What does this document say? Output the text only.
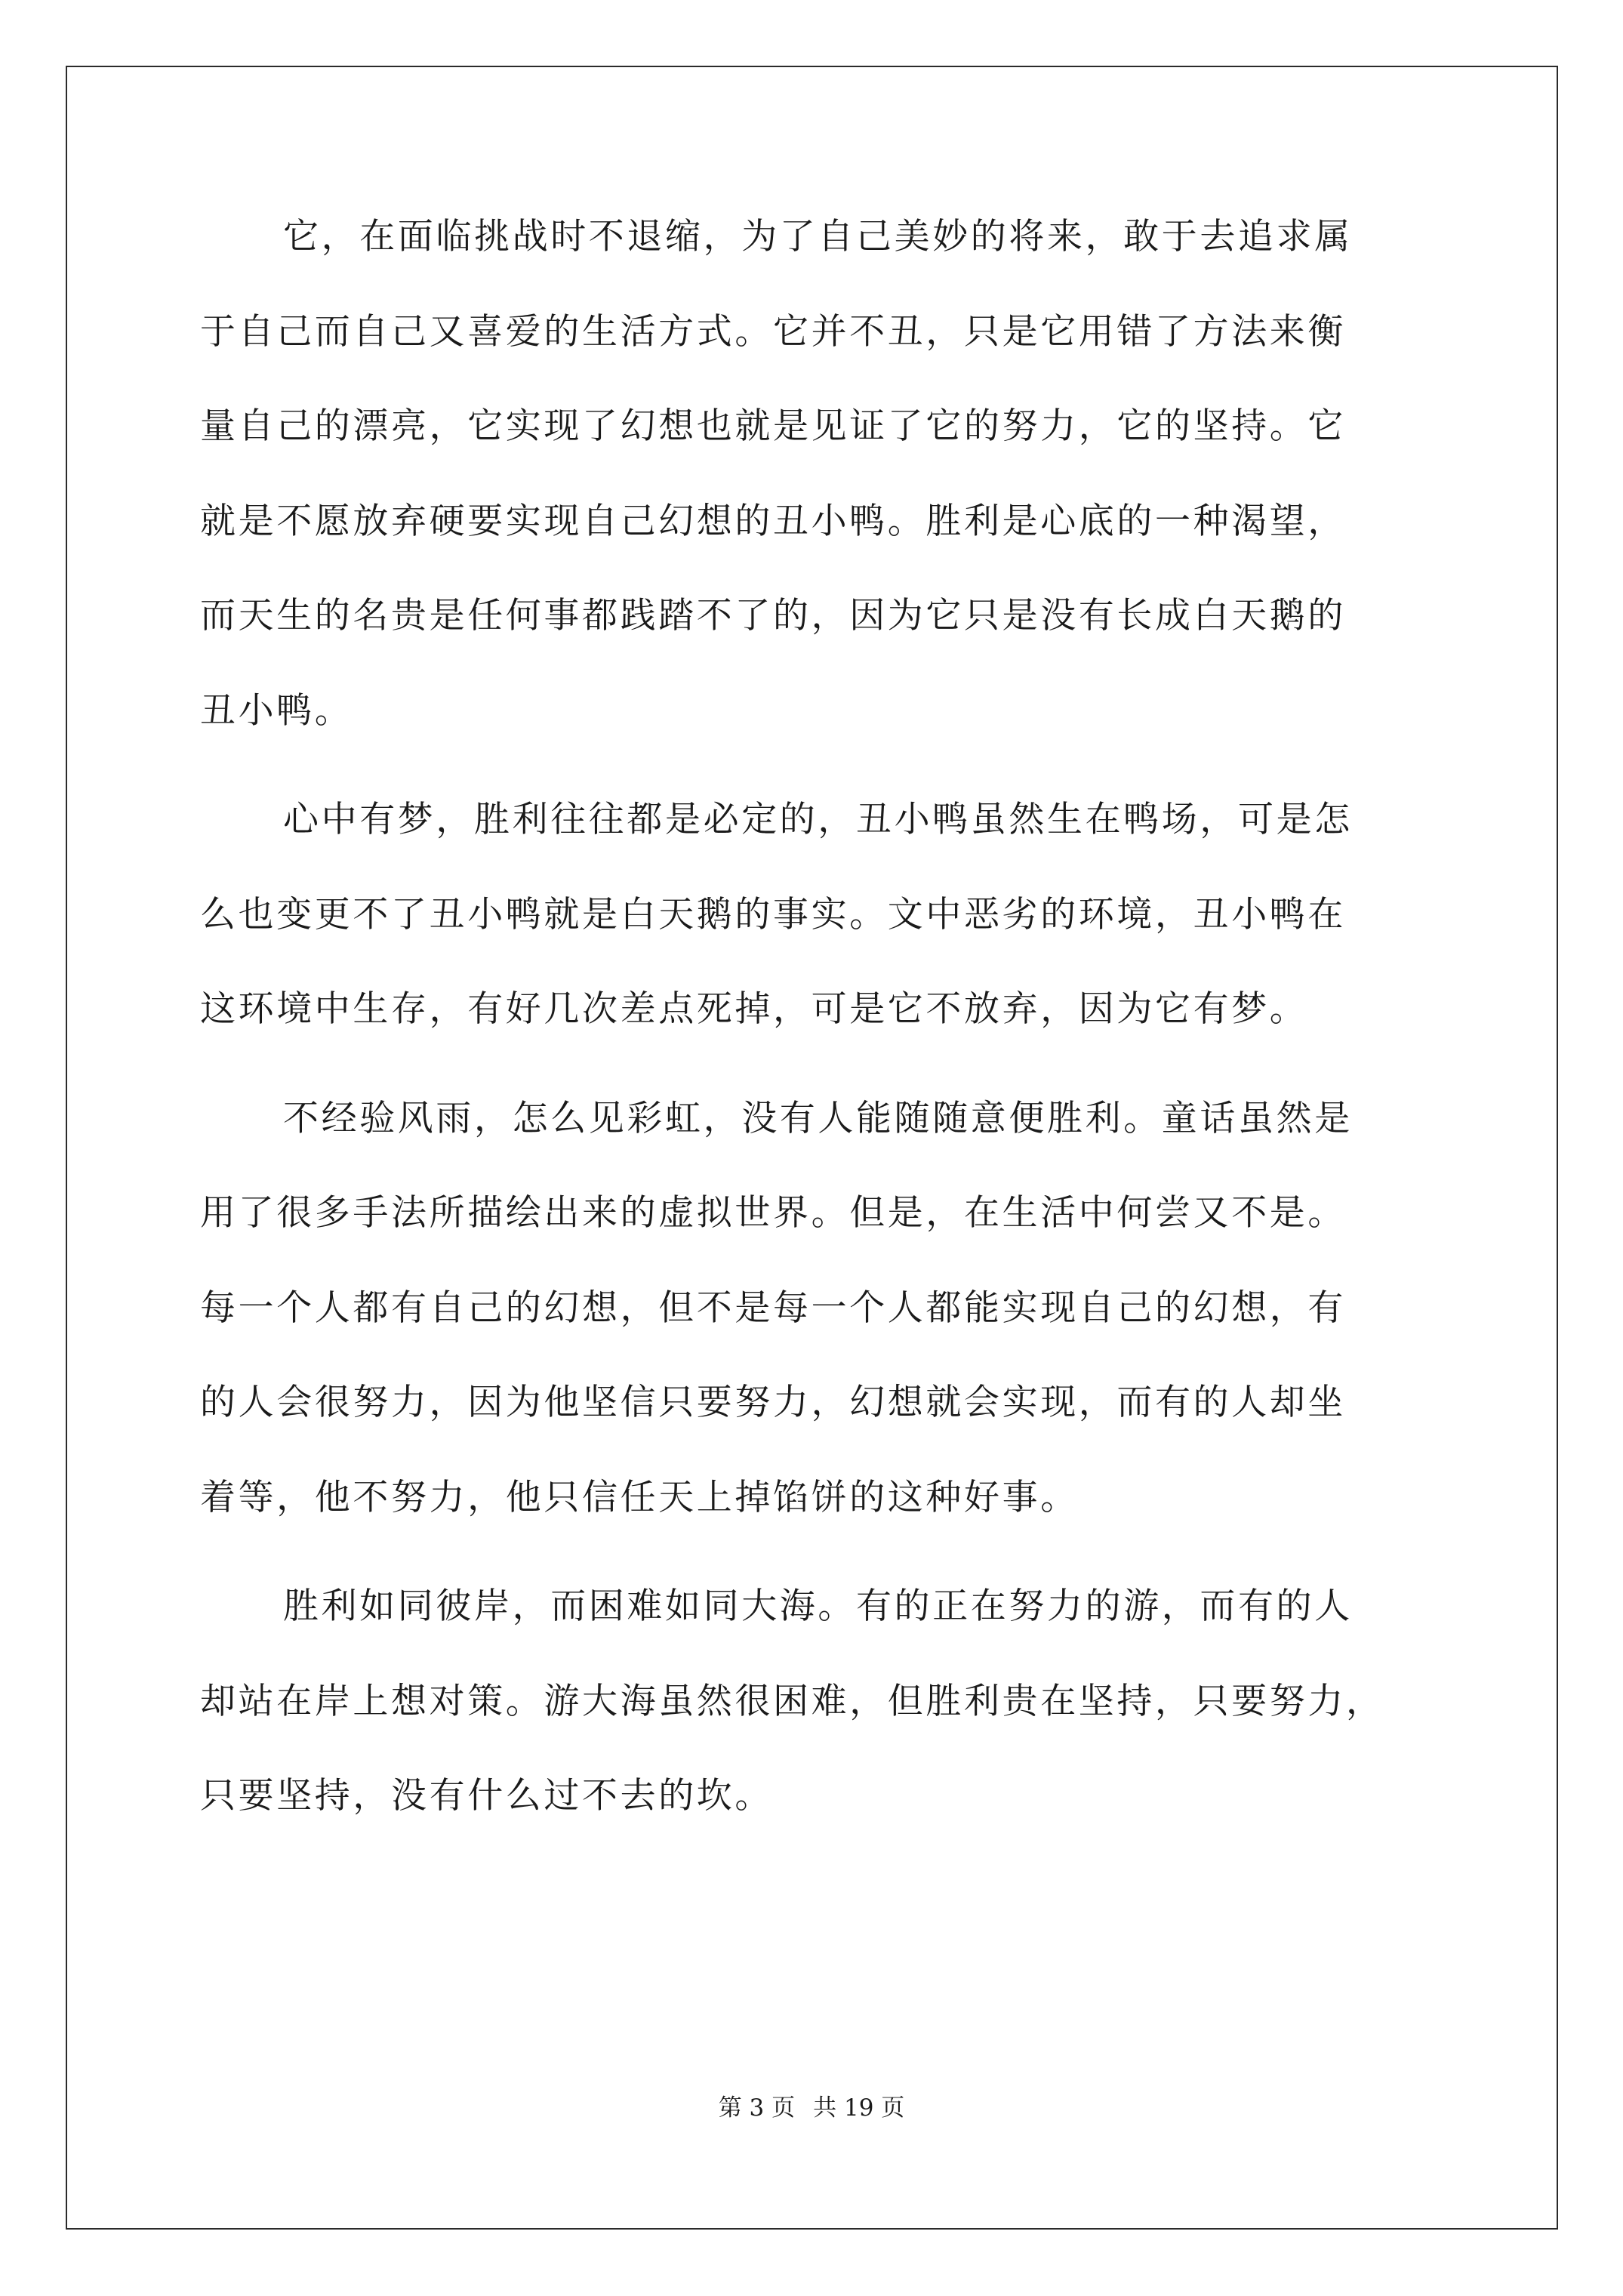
它，在面临挑战时不退缩，为了自己美妙的将来，敢于去追求属

于自己而自己又喜爱的生活方式。它并不丑，只是它用错了方法来衡

量自己的漂亮，它实现了幻想也就是见证了它的努力，它的坚持。它

就是不愿放弃硬要实现自己幻想的丑小鸭。胜利是心底的一种渴望，

而天生的名贵是任何事都践踏不了的，因为它只是没有长成白天鹅的

丑小鸭。

心中有梦，胜利往往都是必定的，丑小鸭虽然生在鸭场，可是怎

么也变更不了丑小鸭就是白天鹅的事实。文中恶劣的环境，丑小鸭在

这环境中生存，有好几次差点死掉，可是它不放弃，因为它有梦。

不经验风雨，怎么见彩虹，没有人能随随意便胜利。童话虽然是

用了很多手法所描绘出来的虚拟世界。但是，在生活中何尝又不是。

每一个人都有自己的幻想，但不是每一个人都能实现自己的幻想，有

的人会很努力，因为他坚信只要努力，幻想就会实现，而有的人却坐

着等，他不努力，他只信任天上掉馅饼的这种好事。

胜利如同彼岸，而困难如同大海。有的正在努力的游，而有的人

却站在岸上想对策。游大海虽然很困难，但胜利贵在坚持，只要努力，

只要坚持，没有什么过不去的坎。

第 3 页 共 19 页
